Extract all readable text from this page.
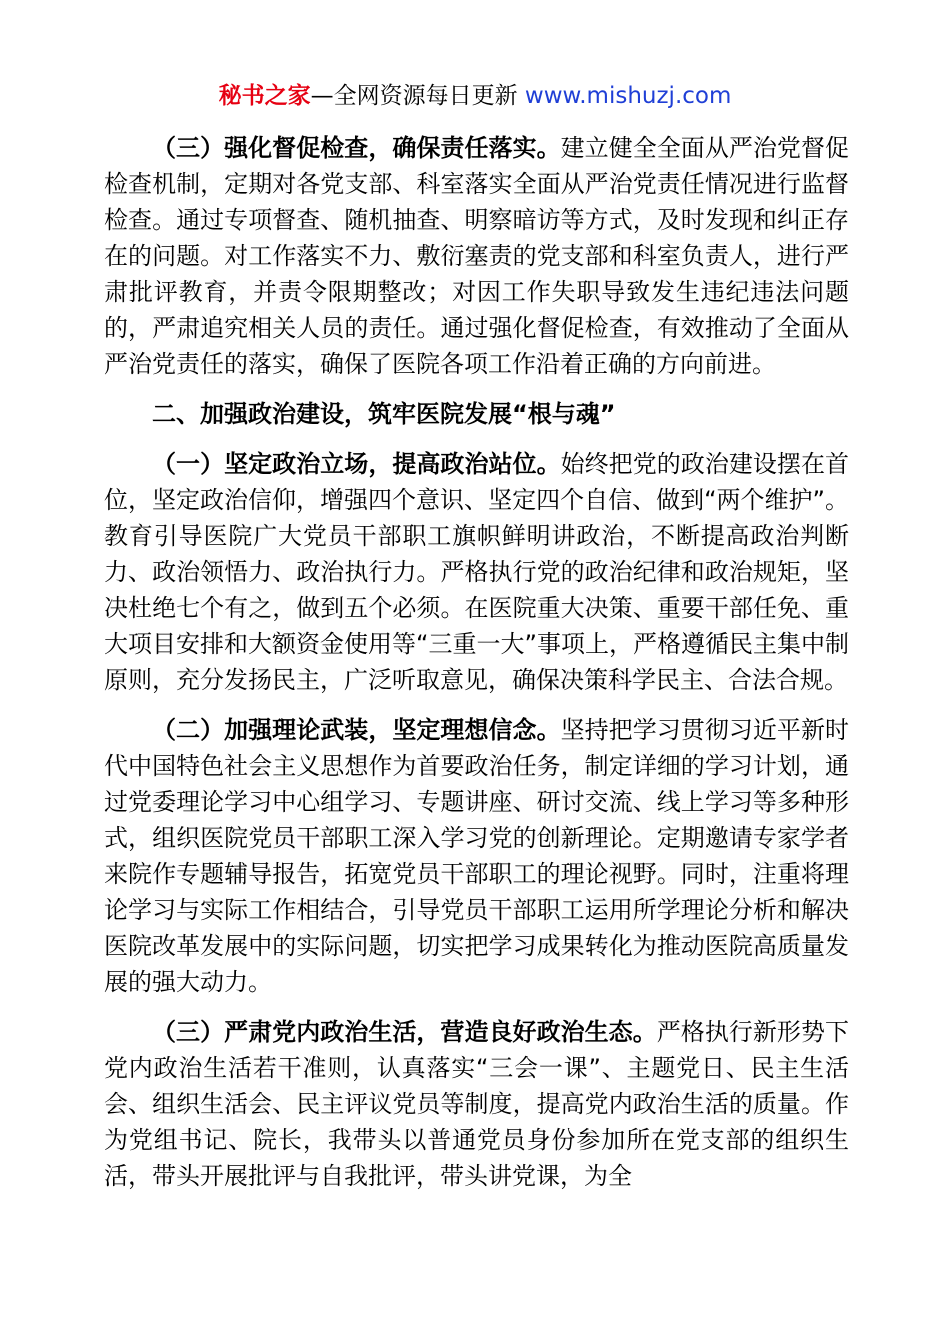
秘书之家—全网资源每日更新 www.mishuzj.com

（三）强化督促检查，确保责任落实。建立健全全面从严治党督促检查机制，定期对各党支部、科室落实全面从严治党责任情况进行监督检查。通过专项督查、随机抽查、明察暗访等方式，及时发现和纠正存在的问题。对工作落实不力、敷衍塞责的党支部和科室负责人，进行严肃批评教育，并责令限期整改；对因工作失职导致发生违纪违法问题的，严肃追究相关人员的责任。通过强化督促检查，有效推动了全面从严治党责任的落实，确保了医院各项工作沿着正确的方向前进。

二、加强政治建设，筑牢医院发展“根与魂”

（一）坚定政治立场，提高政治站位。始终把党的政治建设摆在首位，坚定政治信仰，增强四个意识、坚定四个自信、做到“两个维护”。教育引导医院广大党员干部职工旗帜鲜明讲政治，不断提高政治判断力、政治领悟力、政治执行力。严格执行党的政治纪律和政治规矩，坚决杜绝七个有之，做到五个必须。在医院重大决策、重要干部任免、重大项目安排和大额资金使用等“三重一大”事项上，严格遵循民主集中制原则，充分发扬民主，广泛听取意见，确保决策科学民主、合法合规。

（二）加强理论武装，坚定理想信念。坚持把学习贯彻习近平新时代中国特色社会主义思想作为首要政治任务，制定详细的学习计划，通过党委理论学习中心组学习、专题讲座、研讨交流、线上学习等多种形式，组织医院党员干部职工深入学习党的创新理论。定期邀请专家学者来院作专题辅导报告，拓宽党员干部职工的理论视野。同时，注重将理论学习与实际工作相结合，引导党员干部职工运用所学理论分析和解决医院改革发展中的实际问题，切实把学习成果转化为推动医院高质量发展的强大动力。

（三）严肃党内政治生活，营造良好政治生态。严格执行新形势下党内政治生活若干准则，认真落实“三会一课”、主题党日、民主生活会、组织生活会、民主评议党员等制度，提高党内政治生活的质量。作为党组书记、院长，我带头以普通党员身份参加所在党支部的组织生活，带头开展批评与自我批评，带头讲党课，为全
